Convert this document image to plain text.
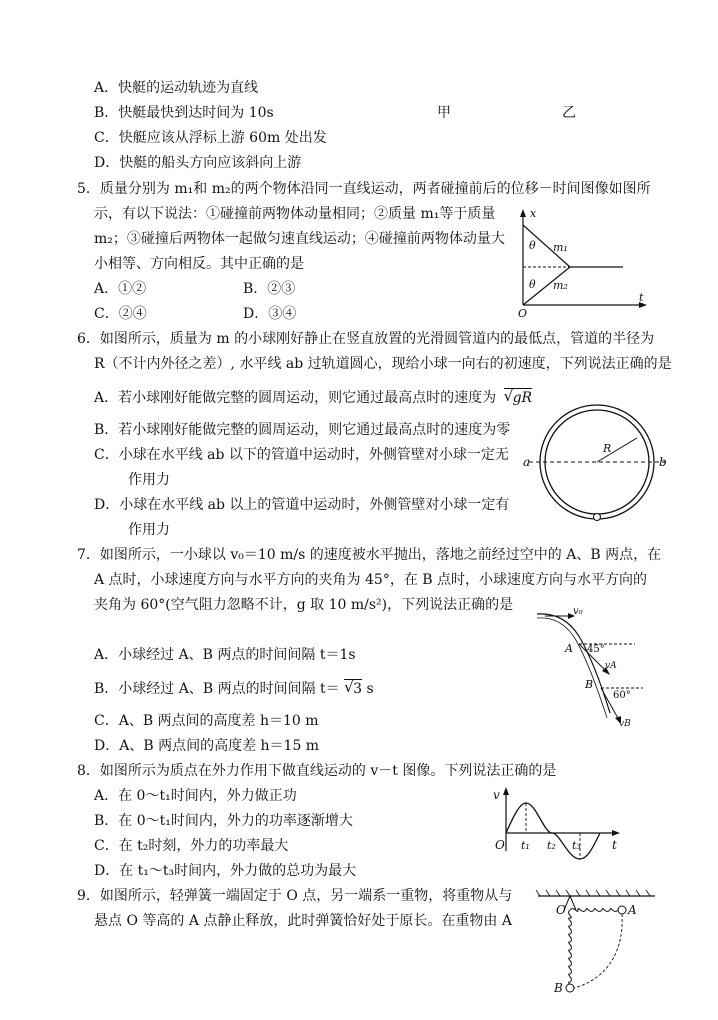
A．快艇的运动轨迹为直线
B．快艇最快到达时间为 10s	甲	乙
C．快艇应该从浮标上游 60m 处出发
D．快艇的船头方向应该斜向上游
5．质量分别为 m₁和 m₂的两个物体沿同一直线运动，两者碰撞前后的位移－时间图像如图所
示，有以下说法：①碰撞前两物体动量相同；②质量 m₁等于质量
m₂；③碰撞后两物体一起做匀速直线运动；④碰撞前两物体动量大
小相等、方向相反。其中正确的是
A．①②	B．②③
C．②④	D．③④
x
t
O
θ
θ
m₁
m₂
6．如图所示，质量为 m 的小球刚好静止在竖直放置的光滑圆管道内的最低点，管道的半径为
R（不计内外径之差）, 水平线 ab 过轨道圆心，现给小球一向右的初速度，下列说法正确的是
A．若小球刚好能做完整的圆周运动，则它通过最高点时的速度为 √ gR
B．若小球刚好能做完整的圆周运动，则它通过最高点时的速度为零
C．小球在水平线 ab 以下的管道中运动时，外侧管壁对小球一定无
作用力
D．小球在水平线 ab 以上的管道中运动时，外侧管壁对小球一定有
作用力
a	b
R
7．如图所示，一小球以 v₀＝10 m/s 的速度被水平抛出，落地之前经过空中的 A、B 两点，在
A 点时，小球速度方向与水平方向的夹角为 45°，在 B 点时，小球速度方向与水平方向的
夹角为 60°(空气阻力忽略不计，g 取 10 m/s²)，下列说法正确的是
A．小球经过 A、B 两点的时间间隔 t＝1s
B．小球经过 A、B 两点的时间间隔 t＝ √ 3 s
C．A、B 两点间的高度差 h＝10 m
D．A、B 两点间的高度差 h＝15 m
v₀
A 45°
vA
B
60°
vB
8．如图所示为质点在外力作用下做直线运动的 v－t 图像。下列说法正确的是
A．在 0～t₁时间内，外力做正功
B．在 0～t₁时间内，外力的功率逐渐增大
C．在 t₂时刻，外力的功率最大
D．在 t₁～t₃时间内，外力做的总功为最大
v
O t₁ t₂ t₃	t
9．如图所示，轻弹簧一端固定于 O 点，另一端系一重物，将重物从与
悬点 O 等高的 A 点静止释放，此时弹簧恰好处于原长。在重物由 A
O	A
B
